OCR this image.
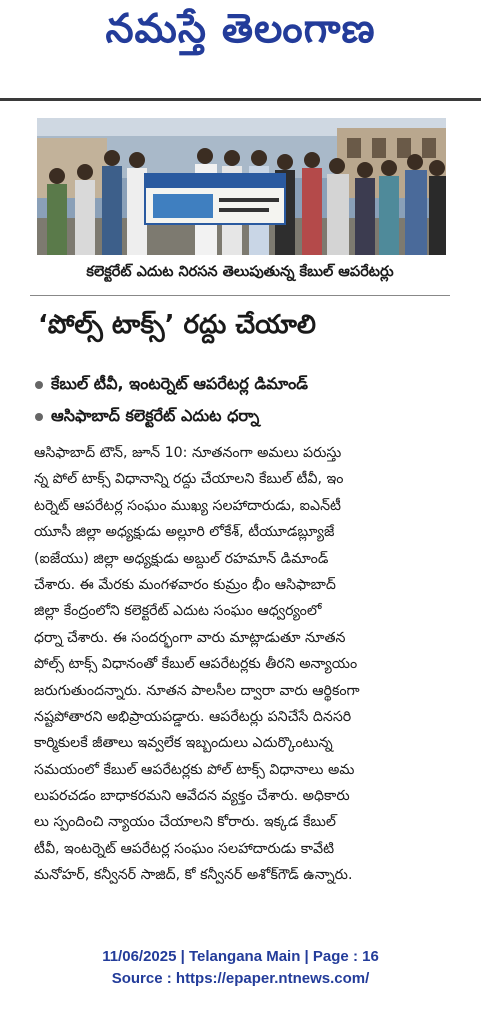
నమస్తే తెలంగాణ
కలెక్టరేట్ ఎదుట నిరసన తెలుపుతున్న కేబుల్ ఆపరేటర్లు
‘పోల్స్ టాక్స్’ రద్దు చేయాలి
కేబుల్ టీవీ, ఇంటర్నెట్ ఆపరేటర్ల డిమాండ్
ఆసిఫాబాద్ కలెక్టరేట్ ఎదుట ధర్నా
ఆసిఫాబాద్ టౌన్, జూన్ 10: నూతనంగా అమలు పరుస్తు
న్న పోల్ టాక్స్ విధానాన్ని రద్దు చేయాలని కేబుల్ టీవీ, ఇం
టర్నెట్ ఆపరేటర్ల సంఘం ముఖ్య సలహాదారుడు, ఐఎన్‌టీ
యూసీ జిల్లా అధ్యక్షుడు అల్లూరి లోకేశ్, టీయూడబ్ల్యూజే
(ఐజేయు) జిల్లా అధ్యక్షుడు అబ్దుల్ రహమాన్ డిమాండ్
చేశారు. ఈ మేరకు మంగళవారం కుమ్రం భీం ఆసిఫాబాద్
జిల్లా కేంద్రంలోని కలెక్టరేట్ ఎదుట సంఘం ఆధ్వర్యంలో
ధర్నా చేశారు. ఈ సందర్భంగా వారు మాట్లాడుతూ నూతన
పోల్స్ టాక్స్ విధానంతో కేబుల్ ఆపరేటర్లకు తీరని అన్యాయం
జరుగుతుందన్నారు. నూతన పాలసీల ద్వారా వారు ఆర్థికంగా
నష్టపోతారని అభిప్రాయపడ్డారు. ఆపరేటర్లు పనిచేసే దినసరి
కార్మికులకే జీతాలు ఇవ్వలేక ఇబ్బందులు ఎదుర్కొంటున్న
సమయంలో కేబుల్ ఆపరేటర్లకు పోల్ టాక్స్ విధానాలు అమ
లుపరచడం బాధాకరమని ఆవేదన వ్యక్తం చేశారు. అధికారు
లు స్పందించి న్యాయం చేయాలని కోరారు. ఇక్కడ కేబుల్
టీవీ, ఇంటర్నెట్ ఆపరేటర్ల సంఘం సలహాదారుడు కావేటి
మనోహర్, కన్వీనర్ సాజిద్, కో కన్వీనర్ అశోక్‌గౌడ్ ఉన్నారు.
11/06/2025 | Telangana Main | Page : 16
Source : https://epaper.ntnews.com/
